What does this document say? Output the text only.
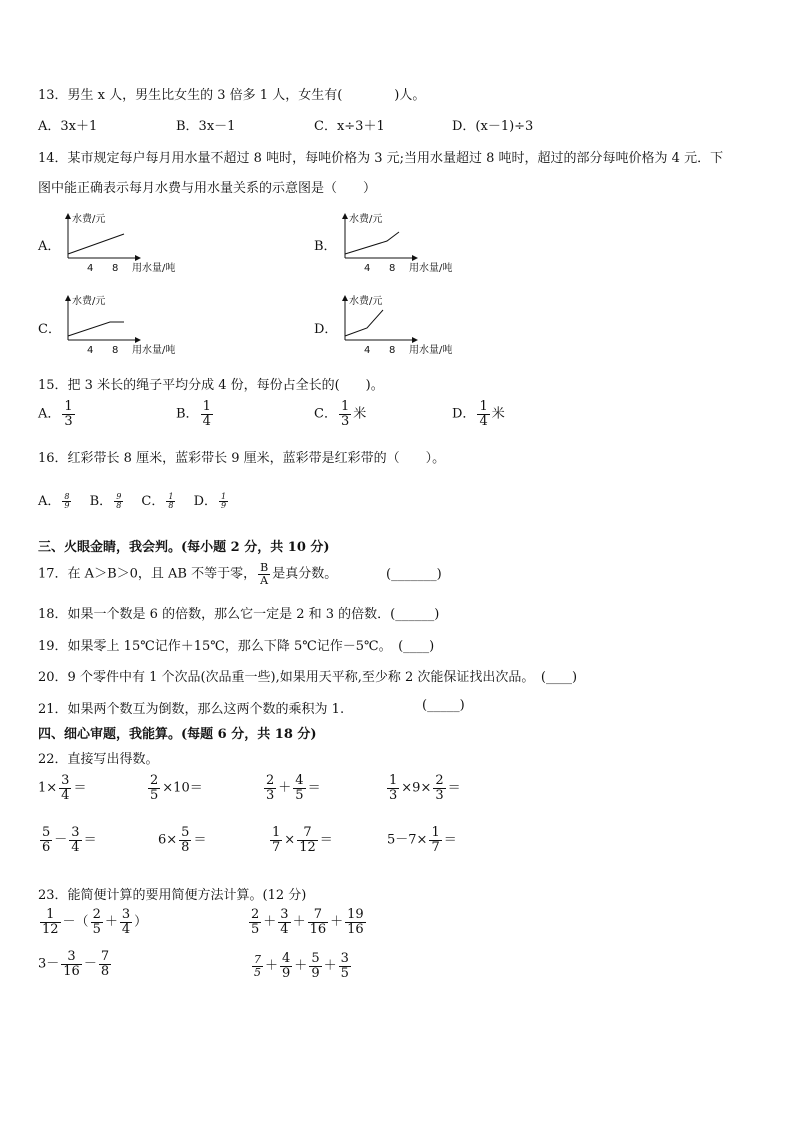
13．男生 x 人，男生比女生的 3 倍多 1 人，女生有(　　　　)人。
A．3x＋1	B．3x－1	C．x÷3＋1	D．(x－1)÷3
14．某市规定每户每月用水量不超过 8 吨时，每吨价格为 3 元;当用水量超过 8 吨时，超过的部分每吨价格为 4 元．下
图中能正确表示每月水费与用水量关系的示意图是（　　）
A．
水费/元
4 8 用水量/吨
B．
水费/元
4 8 用水量/吨
C．
水费/元
4 8 用水量/吨
D．
水费/元
4 8 用水量/吨
15．把 3 米长的绳子平均分成 4 份，每份占全长的(　　)。
A． $\frac{1}{3}$	B． $\frac{1}{4}$	C． $\frac{1}{3}$ 米	D． $\frac{1}{4}$ 米
16．红彩带长 8 厘米，蓝彩带长 9 厘米，蓝彩带是红彩带的（　　）。
A． $\frac{8}{9}$ B． $\frac{9}{8}$ C． $\frac{1}{8}$ D． $\frac{1}{9}$
三、火眼金睛，我会判。(每小题 2 分，共 10 分)
17．在 A＞B＞0，且 AB 不等于零， $\frac{B}{A}$ 是真分数。	(_______)
18．如果一个数是 6 的倍数，那么它一定是 2 和 3 的倍数．(______)
19．如果零上 15℃记作＋15℃，那么下降 5℃记作－5℃。　(____)
20．9 个零件中有 1 个次品(次品重一些),如果用天平称,至少称 2 次能保证找出次品。　(____)
21．如果两个数互为倒数，那么这两个数的乘积为 1.	(_____)
四、细心审题，我能算。(每题 6 分，共 18 分)
22．直接写出得数。
$1\times \frac{3}{4}$ ＝	$\frac{2}{5} \times 10=$	$\frac{2}{3} + \frac{4}{5}$ ＝	$\frac{1}{3} \times 9\times \frac{2}{3}$ ＝
$\frac{5}{6} - \frac{3}{4}$ ＝	$6\times \frac{5}{8}$ ＝	$\frac{1}{7} \times \frac{7}{12}$ ＝	$5-7\times \frac{1}{7}$ ＝
23．能简便计算的要用简便方法计算。(12 分)
$\frac{1}{12}$ －（ $\frac{2}{5} + \frac{3}{4}$ ）	$\frac{2}{5} + \frac{3}{4} + \frac{7}{16} + \frac{19}{16}$
$3- \frac{3}{16} - \frac{7}{8}$	$\frac{7}{5} + \frac{4}{9} + \frac{5}{9} + \frac{3}{5}$
